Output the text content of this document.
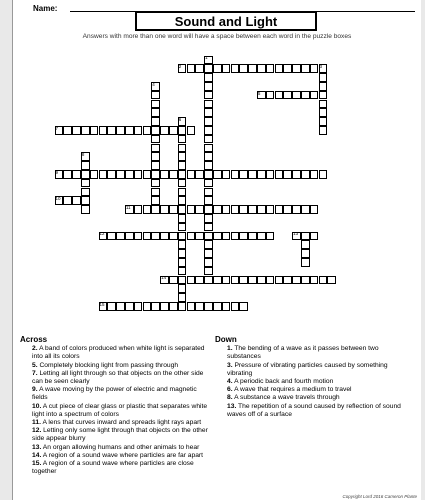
Name:
Sound and Light
Answers with more than one word will have a space between each word in the puzzle boxes
1
2	3
4
5
6
7
8
9
10
11
12	13
14
15
Across
2. A band of colors produced when white light is separated into all its colors
5. Completely blocking light from passing through
7. Letting all light through so that objects on the other side can be seen clearly
9. A wave moving by the power of electric and magnetic fields
10. A cut piece of clear glass or plastic that separates white light into a spectrum of colors
11. A lens that curves inward and spreads light rays apart
12. Letting only some light through that objects on the other side appear blurry
13. An organ allowing humans and other animals to hear
14. A region of a sound wave where particles are far apart
15. A region of a sound wave where particles are close together
Down
1. The bending of a wave as it passes between two substances
3. Pressure of vibrating particles caused by something vibrating
4. A periodic back and fourth motion
6. A wave that requires a medium to travel
8. A substance a wave travels through
13. The repetition of a sound caused by reflection of sound waves off of a surface
Copyright Lord 2016 Cameron Plante
